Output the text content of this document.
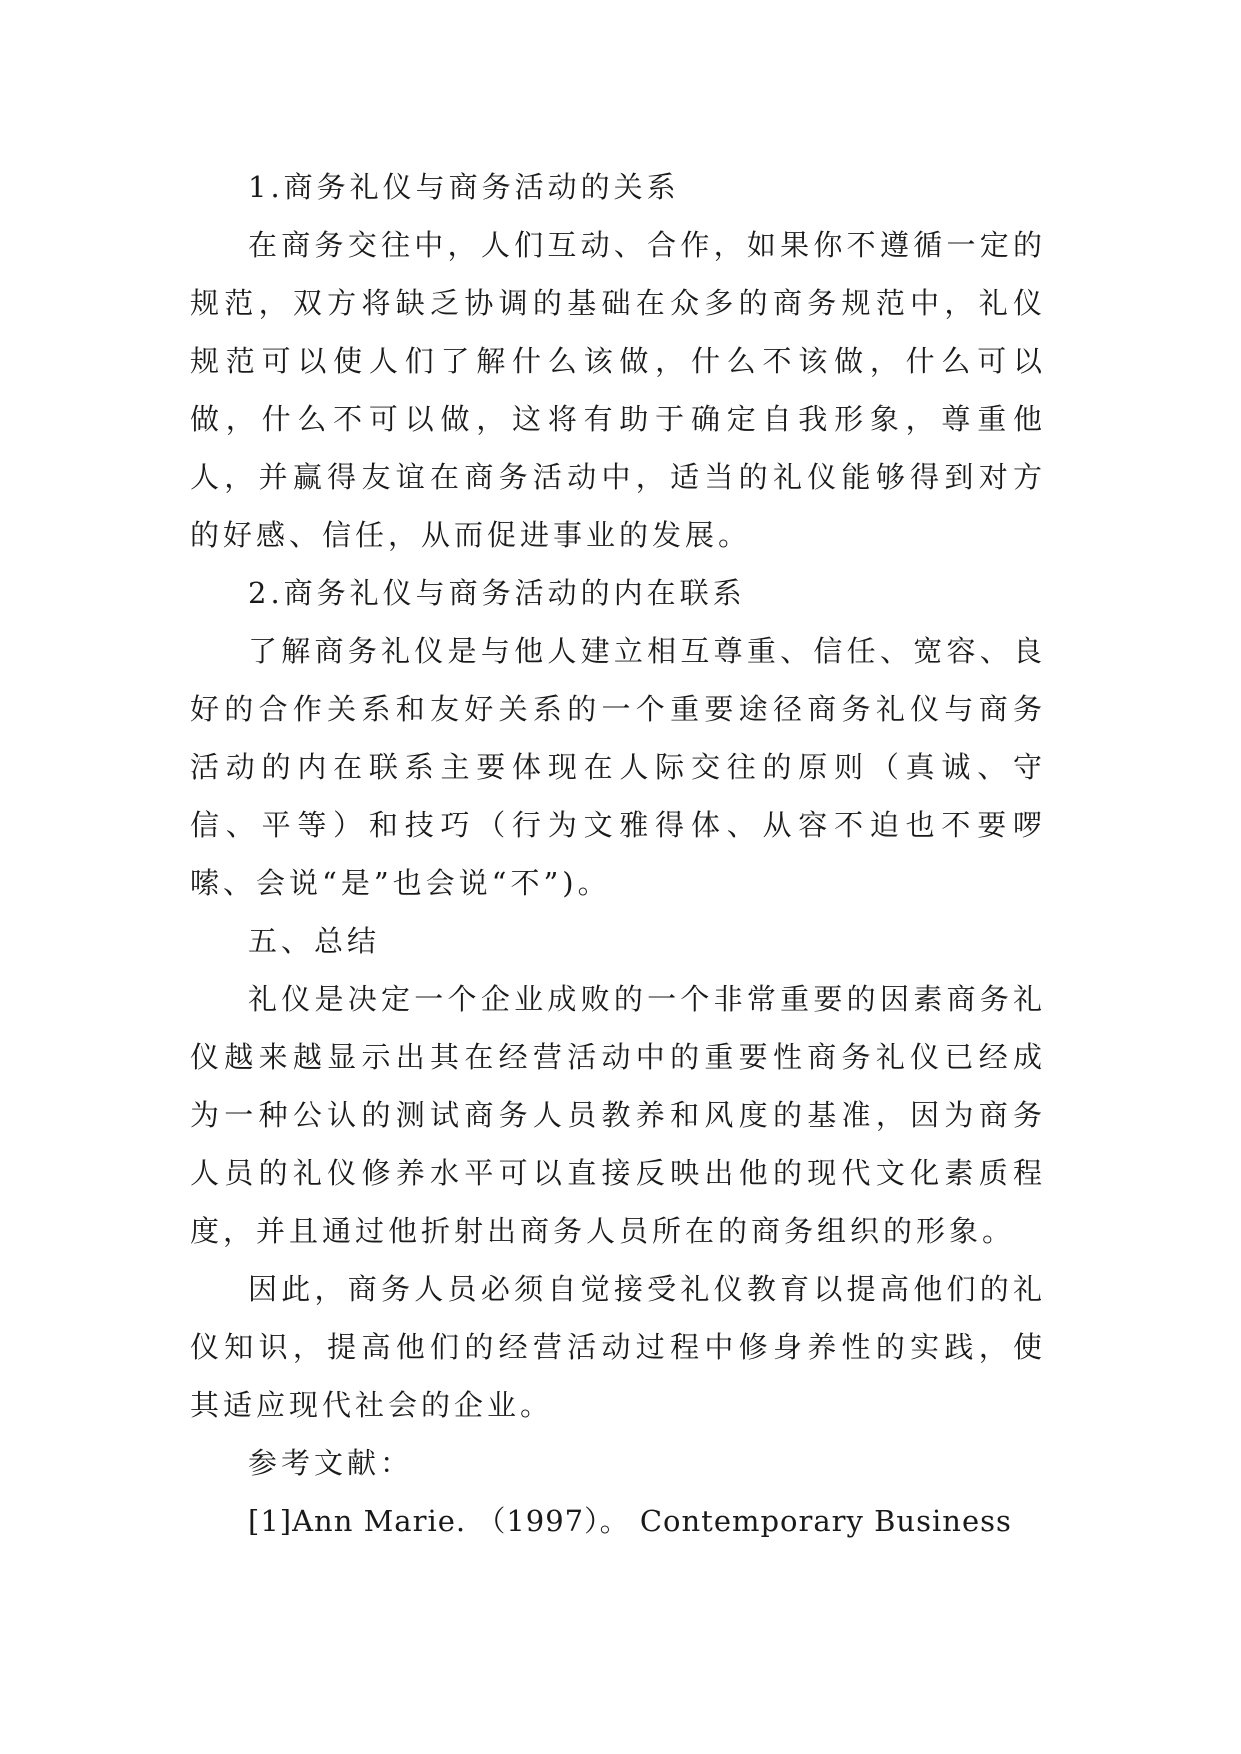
1.商务礼仪与商务活动的关系

在商务交往中，人们互动、合作，如果你不遵循一定的规范，双方将缺乏协调的基础在众多的商务规范中，礼仪规范可以使人们了解什么该做，什么不该做，什么可以做，什么不可以做，这将有助于确定自我形象，尊重他人，并赢得友谊在商务活动中，适当的礼仪能够得到对方的好感、信任，从而促进事业的发展。

2.商务礼仪与商务活动的内在联系

了解商务礼仪是与他人建立相互尊重、信任、宽容、良好的合作关系和友好关系的一个重要途径商务礼仪与商务活动的内在联系主要体现在人际交往的原则（真诚、守信、平等）和技巧（行为文雅得体、从容不迫也不要啰嗦、会说“是”也会说“不”)。

五、总结

礼仪是决定一个企业成败的一个非常重要的因素商务礼仪越来越显示出其在经营活动中的重要性商务礼仪已经成为一种公认的测试商务人员教养和风度的基准，因为商务人员的礼仪修养水平可以直接反映出他的现代文化素质程度，并且通过他折射出商务人员所在的商务组织的形象。

因此，商务人员必须自觉接受礼仪教育以提高他们的礼仪知识，提高他们的经营活动过程中修身养性的实践，使其适应现代社会的企业。

参考文献：

[1]Ann Marie. （1997）。 Contemporary Business
